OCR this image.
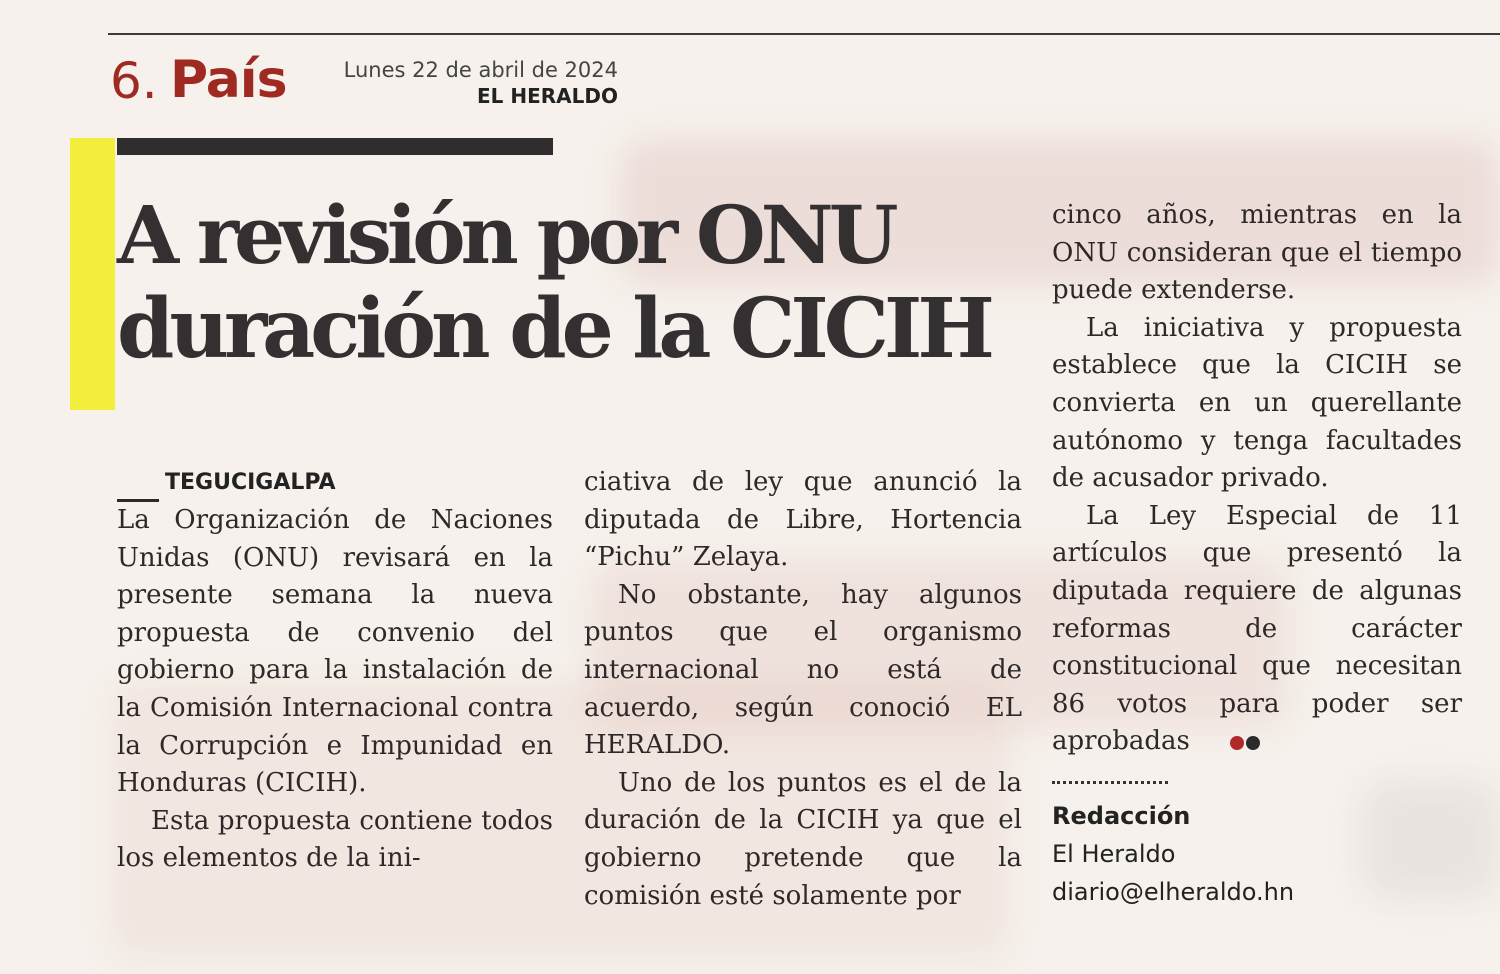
6. País	Lunes 22 de abril de 2024
EL HERALDO
A revisión por ONU
duración de la CICIH
TEGUCIGALPA

La Organización de Naciones Unidas (ONU) revisará en la presente semana la nueva propuesta de convenio del gobierno para la instalación de la Comisión Internacional contra la Corrupción e Impunidad en Honduras (CICIH).

Esta propuesta contiene todos los elementos de la ini-

ciativa de ley que anunció la diputada de Libre, Hortencia “Pichu” Zelaya.

No obstante, hay algunos puntos que el organismo internacional no está de acuerdo, según conoció EL HERALDO.

Uno de los puntos es el de la duración de la CICIH ya que el gobierno pretende que la comisión esté solamente por

cinco años, mientras en la ONU consideran que el tiempo puede extenderse.

La iniciativa y propuesta establece que la CICIH se convierta en un querellante autónomo y tenga facultades de acusador privado.

La Ley Especial de 11 artículos que presentó la diputada requiere de algunas reformas de carácter constitucional que necesitan 86 votos para poder ser aprobadas

Redacción
El Heraldo
diario@elheraldo.hn
